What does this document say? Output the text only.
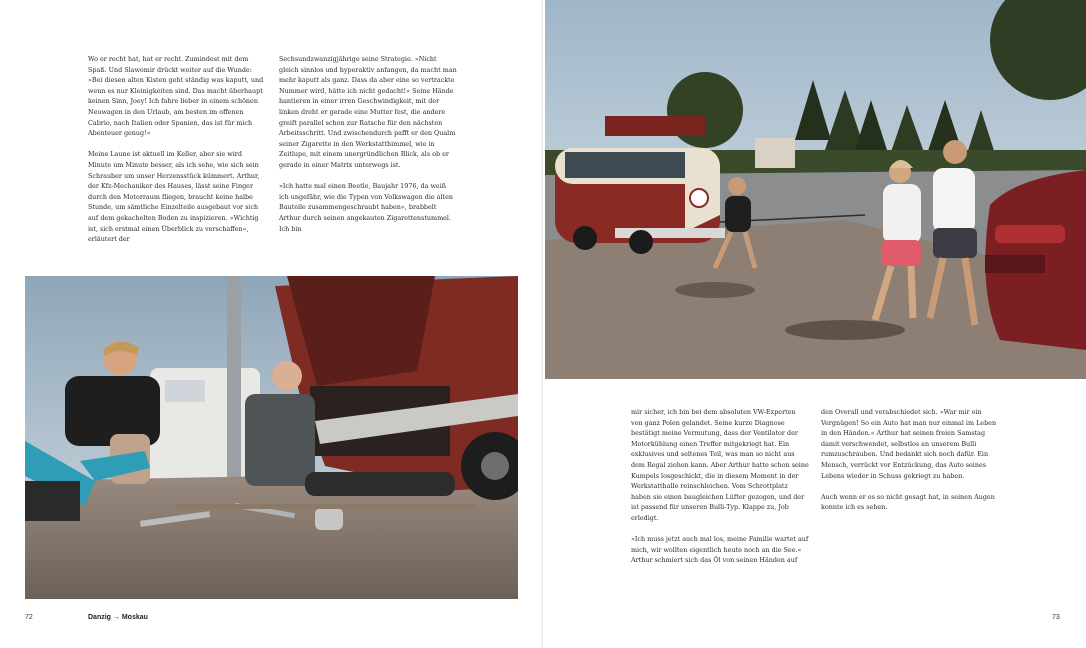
Wo er recht hat, hat er recht. Zumindest mit dem Spaß. Und Slawomir drückt weiter auf die Wunde: »Bei diesen alten Kisten geht ständig was kaputt, und wenn es nur Kleinigkeiten sind. Das macht überhaupt keinen Sinn, Joey! Ich fahre lieber in einem schönen Neuwagen in den Urlaub, am besten im offenen Cabrio, nach Italien oder Spanien, das ist für mich Abenteuer genug!«

Meine Laune ist aktuell im Keller, aber sie wird Minute um Minute besser, als ich sehe, wie sich sein Schrauber um unser Herzensstück kümmert. Arthur, der Kfz-Mechaniker des Hauses, lässt seine Finger durch den Motorraum fliegen, braucht keine halbe Stunde, um sämtliche Einzelteile ausgebaut vor sich auf dem gekachelten Boden zu inspizieren. »Wichtig ist, sich erstmal einen Überblick zu verschaffen«, erläutert der

Sechsundzwanzigjährige seine Strategie. »Nicht gleich sinnlos und hyperaktiv anfangen, da macht man mehr kaputt als ganz. Dass da aber eine so vertrackte Nummer wird, hätte ich nicht gedacht!« Seine Hände hantieren in einer irren Geschwindigkeit, mit der linken dreht er gerade eine Mutter fest, die andere greift parallel schon zur Ratsche für den nächsten Arbeitsschritt. Und zwischendurch pafft er den Qualm seiner Zigarette in den Werkstatthimmel, wie in Zeitlupe, mit einem unergründlichen Blick, als ob er gerade in einer Matrix unterwegs ist.

»Ich hatte mal einen Beetle, Baujahr 1976, da weiß ich ungefähr, wie die Typen von Volkswagen die alten Bauteile zusammengeschraubt haben«, brabbelt Arthur durch seinen angekauten Zigarettenstummel. Ich bin

72	Danzig → Moskau

mir sicher, ich bin bei dem absoluten VW-Experten von ganz Polen gelandet. Seine kurze Diagnose bestätigt meine Vermutung, dass der Ventilator der Motorkühlung einen Treffer mitgekriegt hat. Ein exklusives und seltenes Teil, was man so nicht aus dem Regal ziehen kann. Aber Arthur hatte schon seine Kumpels losgeschickt, die in diesem Moment in der Werkstatthalle reinschleichen. Vom Schrottplatz haben sie einen baugleichen Lüfter gezogen, und der ist passend für unseren Bulli-Typ. Klappe zu, Job erledigt.

»Ich muss jetzt auch mal los, meine Familie wartet auf mich, wir wollten eigentlich heute noch an die See.« Arthur schmiert sich das Öl von seinen Händen auf

den Overall und verabschiedet sich. »War mir ein Vergnügen! So ein Auto hat man nur einmal im Leben in den Händen.« Arthur hat seinen freien Samstag damit verschwendet, selbstlos an unserem Bulli rumzuschrauben. Und bedankt sich noch dafür. Ein Mensch, verrückt vor Entzückung, das Auto seines Lebens wieder in Schuss gekriegt zu haben.

Auch wenn er es so nicht gesagt hat, in seinen Augen konnte ich es sehen.

73
